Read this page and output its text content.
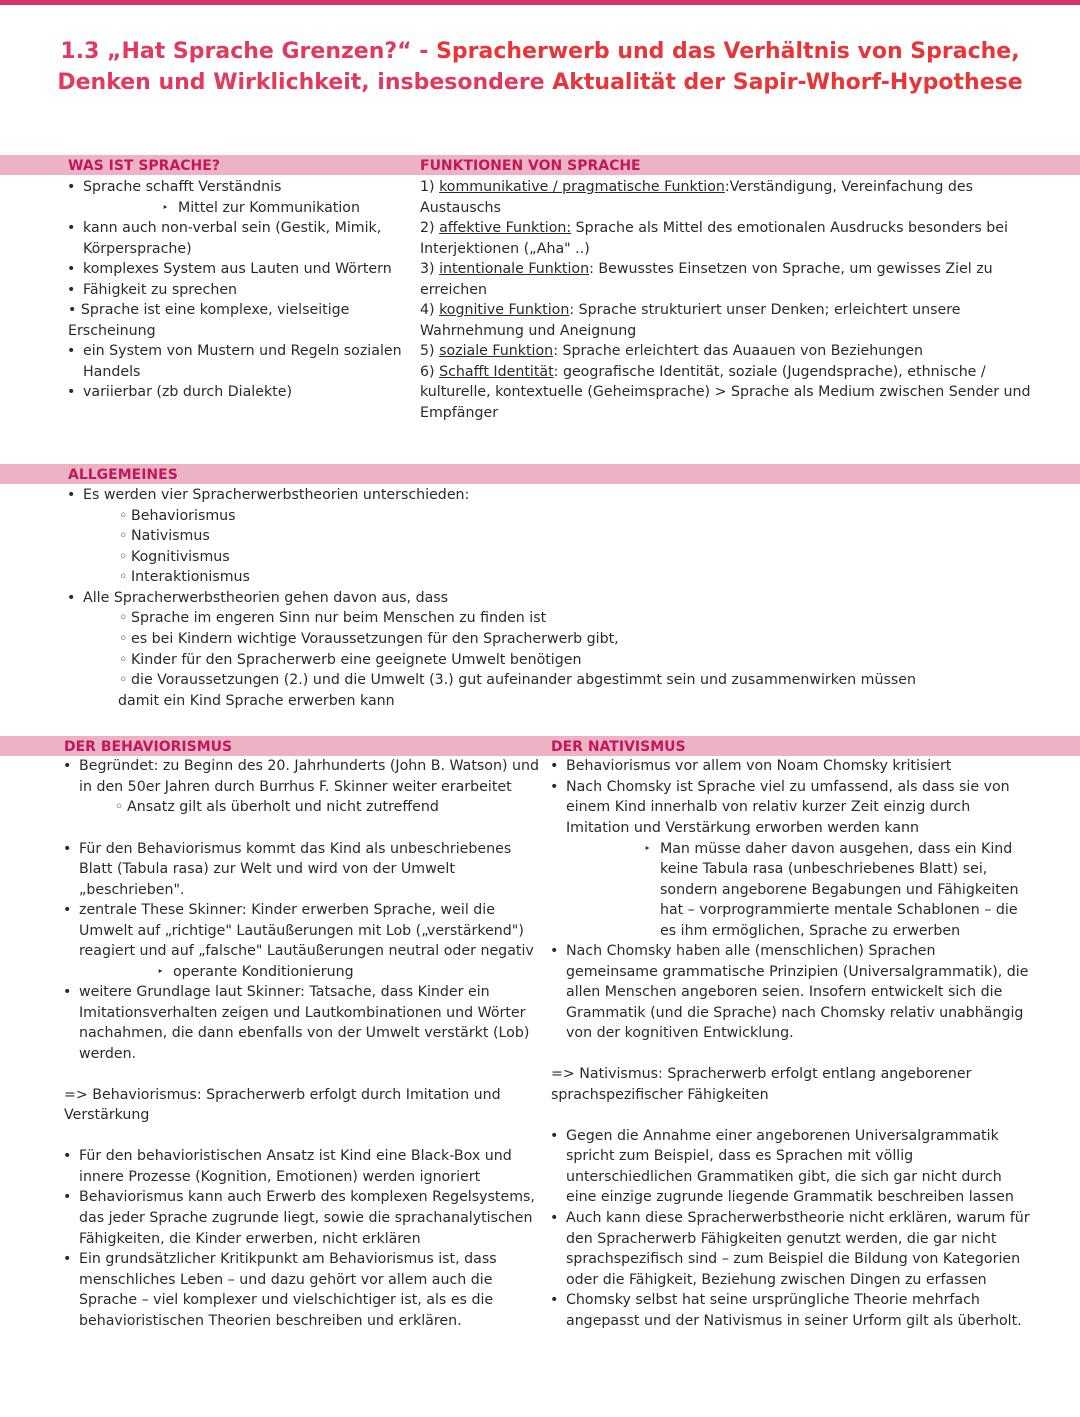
1.3 „Hat Sprache Grenzen?“ - Spracherwerb und das Verhältnis von Sprache,
Denken und Wirklichkeit, insbesondere Aktualität der Sapir-Whorf-Hypothese
WAS IST SPRACHE?
• Sprache schafft Verständnis
‣ Mittel zur Kommunikation
• kann auch non-verbal sein (Gestik, Mimik,
Körpersprache)
• komplexes System aus Lauten und Wörtern
• Fähigkeit zu sprechen
• Sprache ist eine komplexe, vielseitige
Erscheinung
• ein System von Mustern und Regeln sozialen
Handels
• variierbar (zb durch Dialekte)
FUNKTIONEN VON SPRACHE
1) kommunikative / pragmatische Funktion:Verständigung, Vereinfachung des
Austauschs
2) affektive Funktion: Sprache als Mittel des emotionalen Ausdrucks besonders bei
Interjektionen („Aha" ..)
3) intentionale Funktion: Bewusstes Einsetzen von Sprache, um gewisses Ziel zu
erreichen
4) kognitive Funktion: Sprache strukturiert unser Denken; erleichtert unsere
Wahrnehmung und Aneignung
5) soziale Funktion: Sprache erleichtert das Auaauen von Beziehungen
6) Schafft Identität: geografische Identität, soziale (Jugendsprache), ethnische /
kulturelle, kontextuelle (Geheimsprache) > Sprache als Medium zwischen Sender und
Empfänger
ALLGEMEINES
• Es werden vier Spracherwerbstheorien unterschieden:
◦ Behaviorismus
◦ Nativismus
◦ Kognitivismus
◦ Interaktionismus
• Alle Spracherwerbstheorien gehen davon aus, dass
◦ Sprache im engeren Sinn nur beim Menschen zu finden ist
◦ es bei Kindern wichtige Voraussetzungen für den Spracherwerb gibt,
◦ Kinder für den Spracherwerb eine geeignete Umwelt benötigen
◦ die Voraussetzungen (2.) und die Umwelt (3.) gut aufeinander abgestimmt sein und zusammenwirken müssen
damit ein Kind Sprache erwerben kann
DER BEHAVIORISMUS
• Begründet: zu Beginn des 20. Jahrhunderts (John B. Watson) und
in den 50er Jahren durch Burrhus F. Skinner weiter erarbeitet
◦ Ansatz gilt als überholt und nicht zutreffend
• Für den Behaviorismus kommt das Kind als unbeschriebenes
Blatt (Tabula rasa) zur Welt und wird von der Umwelt
„beschrieben".
• zentrale These Skinner: Kinder erwerben Sprache, weil die
Umwelt auf „richtige" Lautäußerungen mit Lob („verstärkend")
reagiert und auf „falsche" Lautäußerungen neutral oder negativ
‣ operante Konditionierung
• weitere Grundlage laut Skinner: Tatsache, dass Kinder ein
Imitationsverhalten zeigen und Lautkombinationen und Wörter
nachahmen, die dann ebenfalls von der Umwelt verstärkt (Lob)
werden.
=> Behaviorismus: Spracherwerb erfolgt durch Imitation und
Verstärkung
• Für den behavioristischen Ansatz ist Kind eine Black-Box und
innere Prozesse (Kognition, Emotionen) werden ignoriert
• Behaviorismus kann auch Erwerb des komplexen Regelsystems,
das jeder Sprache zugrunde liegt, sowie die sprachanalytischen
Fähigkeiten, die Kinder erwerben, nicht erklären
• Ein grundsätzlicher Kritikpunkt am Behaviorismus ist, dass
menschliches Leben – und dazu gehört vor allem auch die
Sprache – viel komplexer und vielschichtiger ist, als es die
behavioristischen Theorien beschreiben und erklären.
DER NATIVISMUS
• Behaviorismus vor allem von Noam Chomsky kritisiert
• Nach Chomsky ist Sprache viel zu umfassend, als dass sie von
einem Kind innerhalb von relativ kurzer Zeit einzig durch
Imitation und Verstärkung erworben werden kann
‣ Man müsse daher davon ausgehen, dass ein Kind
keine Tabula rasa (unbeschriebenes Blatt) sei,
sondern angeborene Begabungen und Fähigkeiten
hat – vorprogrammierte mentale Schablonen – die
es ihm ermöglichen, Sprache zu erwerben
• Nach Chomsky haben alle (menschlichen) Sprachen
gemeinsame grammatische Prinzipien (Universalgrammatik), die
allen Menschen angeboren seien. Insofern entwickelt sich die
Grammatik (und die Sprache) nach Chomsky relativ unabhängig
von der kognitiven Entwicklung.
=> Nativismus: Spracherwerb erfolgt entlang angeborener
sprachspezifischer Fähigkeiten
• Gegen die Annahme einer angeborenen Universalgrammatik
spricht zum Beispiel, dass es Sprachen mit völlig
unterschiedlichen Grammatiken gibt, die sich gar nicht durch
eine einzige zugrunde liegende Grammatik beschreiben lassen
• Auch kann diese Spracherwerbstheorie nicht erklären, warum für
den Spracherwerb Fähigkeiten genutzt werden, die gar nicht
sprachspezifisch sind – zum Beispiel die Bildung von Kategorien
oder die Fähigkeit, Beziehung zwischen Dingen zu erfassen
• Chomsky selbst hat seine ursprüngliche Theorie mehrfach
angepasst und der Nativismus in seiner Urform gilt als überholt.
